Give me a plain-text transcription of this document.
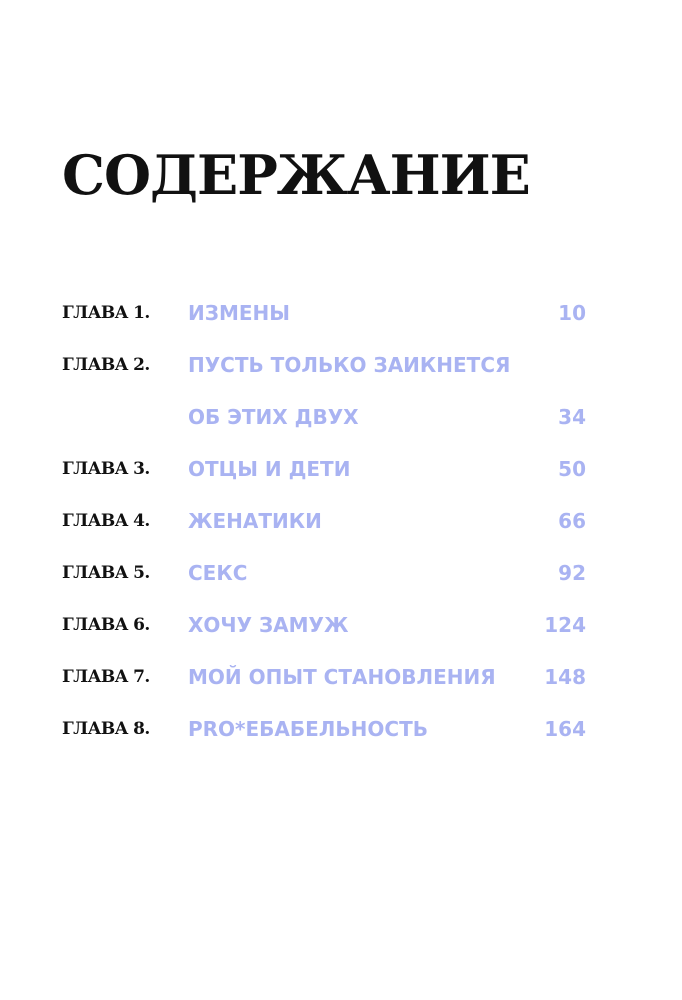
СОДЕРЖАНИЕ
ГЛАВА 1. ИЗМЕНЫ	10
ГЛАВА 2. ПУСТЬ ТОЛЬКО ЗАИКНЕТСЯ
ОБ ЭТИХ ДВУХ	34
ГЛАВА 3. ОТЦЫ И ДЕТИ	50
ГЛАВА 4. ЖЕНАТИКИ	66
ГЛАВА 5. СЕКС	92
ГЛАВА 6. ХОЧУ ЗАМУЖ	124
ГЛАВА 7. МОЙ ОПЫТ СТАНОВЛЕНИЯ 148
ГЛАВА 8. PRO*ЕБАБЕЛЬНОСТЬ	164
